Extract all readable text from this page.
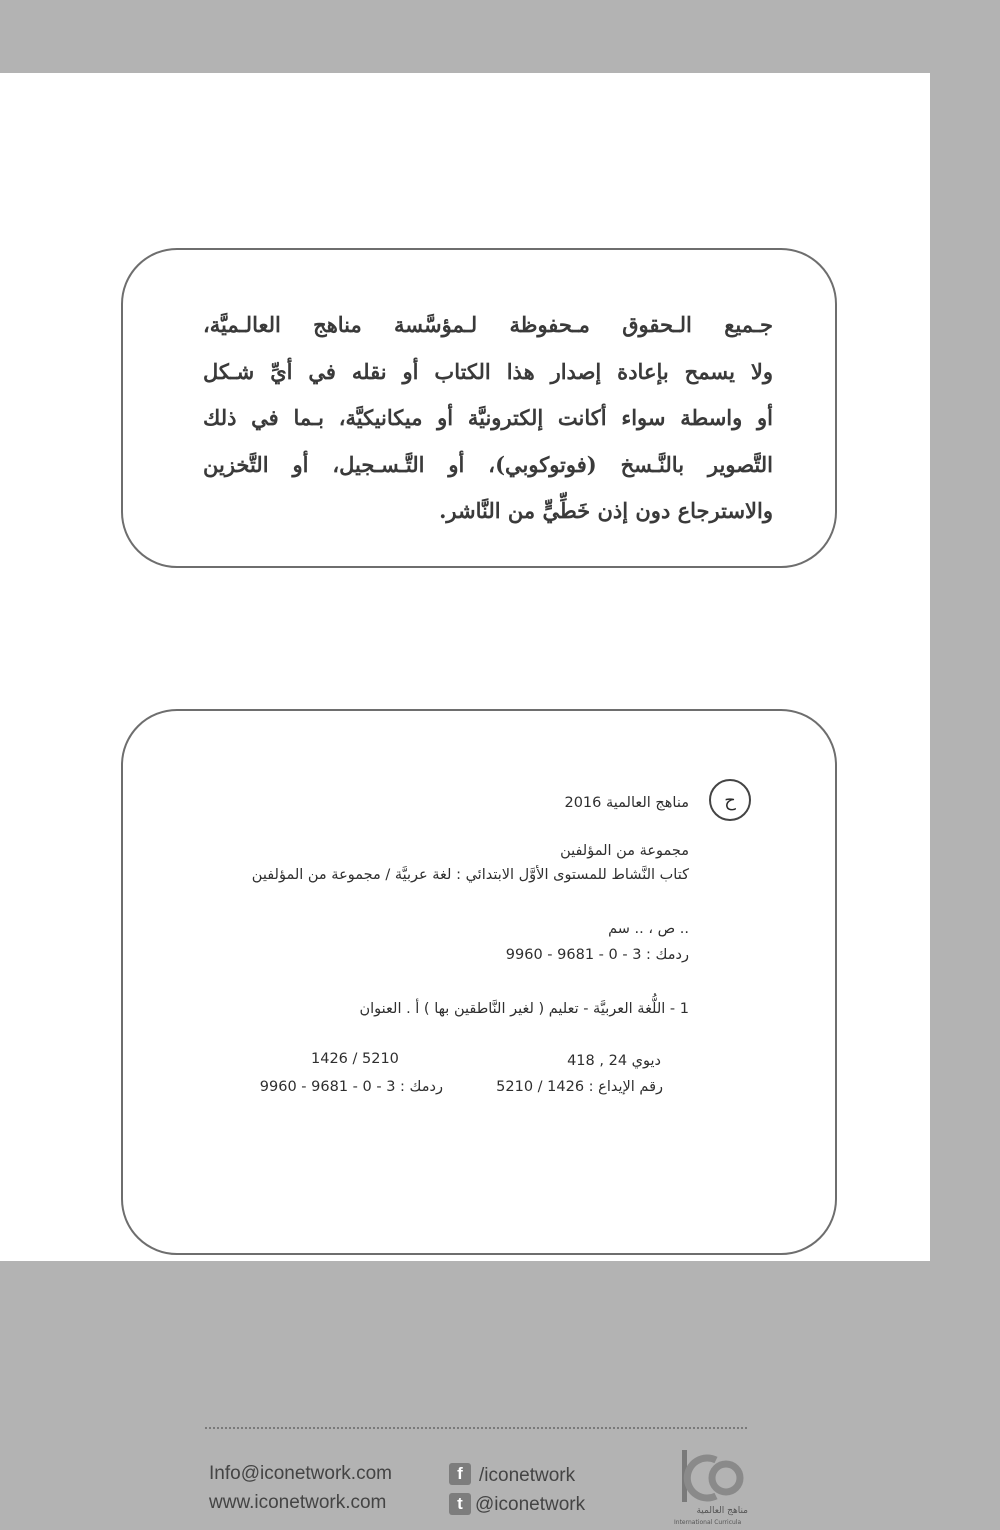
جـميع الـحقوق مـحفوظة لـمؤسَّسة مناهج العالـميَّة،
ولا يسمح بإعادة إصدار هذا الكتاب أو نقله في أيِّ شـكل
أو واسطة سواء أكانت إلكترونيَّة أو ميكانيكيَّة، بـما في ذلك
التَّصوير بالنَّـسخ (فوتوكوبي)، أو التَّـسـجيل، أو التَّخزين
والاسترجاع دون إذن خَطِّيٍّ من النَّاشر.
ح
مناهج العالمية 2016
مجموعة من المؤلفين
كتاب النَّشاط للمستوى الأوَّل الابتدائي : لغة عربيَّة / مجموعة من المؤلفين
.. ص ، .. سم
ردمك : 3 - 0 - 9681 - 9960
1 - اللُّغة العربيَّة - تعليم ( لغير النَّاطقين بها ) أ . العنوان
ديوي 24 , 418
1426 / 5210
رقم الإيداع : 1426 / 5210
ردمك : 3 - 0 - 9681 - 9960
Info@iconetwork.com
www.iconetwork.com
f /iconetwork
t @iconetwork	مناهج العالمية
International Curricula
